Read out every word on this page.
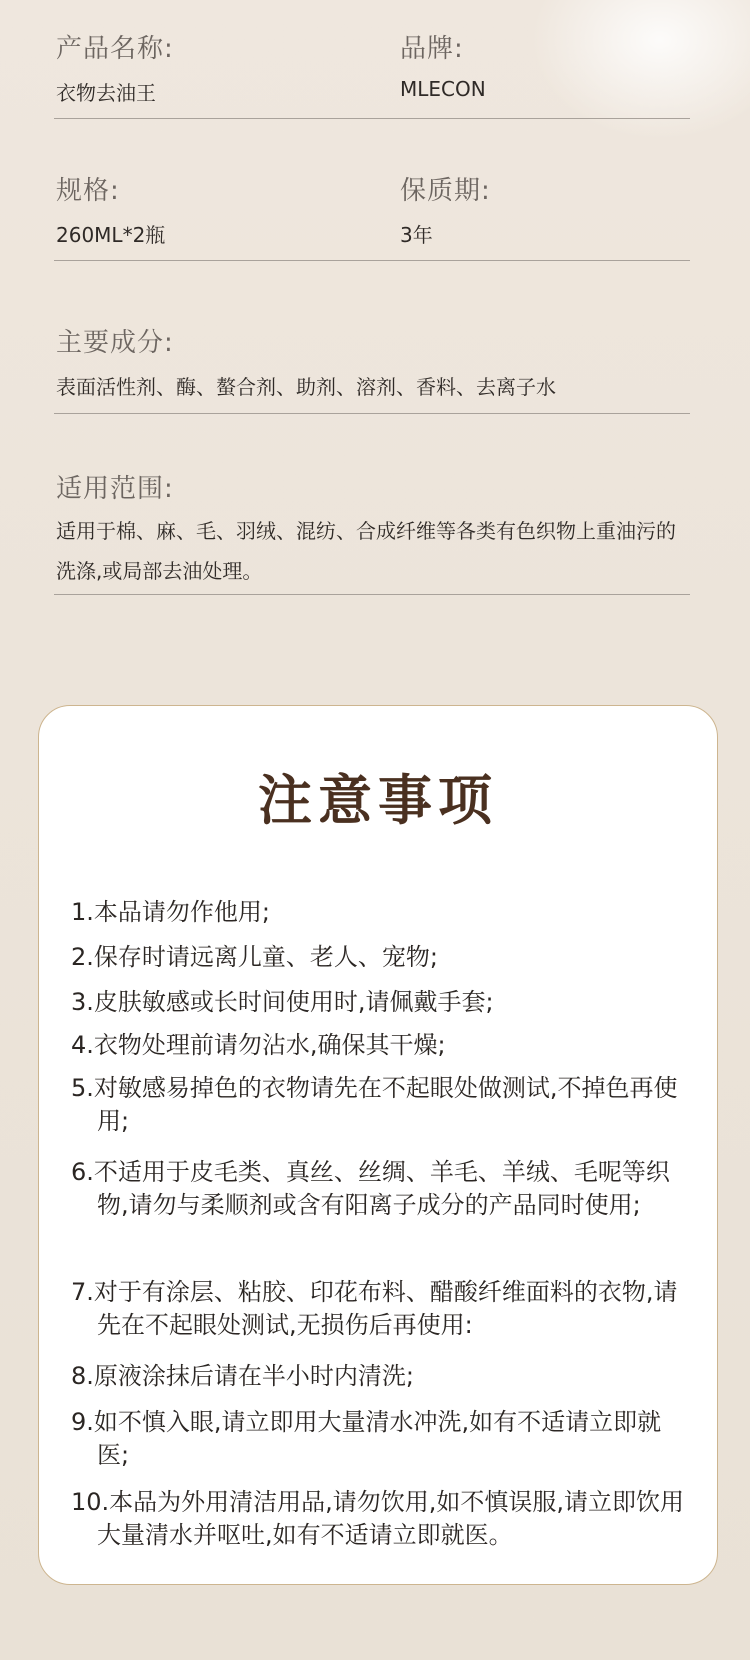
产品名称:
衣物去油王
品牌:
MLECON
规格:
260ML*2瓶
保质期:
3年
主要成分:
表面活性剂、酶、螯合剂、助剂、溶剂、香料、去离子水
适用范围:
适用于棉、麻、毛、羽绒、混纺、合成纤维等各类有色织物上重油污的洗涤,或局部去油处理。
注意事项
1.本品请勿作他用;
2.保存时请远离儿童、老人、宠物;
3.皮肤敏感或长时间使用时,请佩戴手套;
4.衣物处理前请勿沾水,确保其干燥;
5.对敏感易掉色的衣物请先在不起眼处做测试,不掉色再使用;
6.不适用于皮毛类、真丝、丝绸、羊毛、羊绒、毛呢等织物,请勿与柔顺剂或含有阳离子成分的产品同时使用;
7.对于有涂层、粘胶、印花布料、醋酸纤维面料的衣物,请先在不起眼处测试,无损伤后再使用:
8.原液涂抹后请在半小时内清洗;
9.如不慎入眼,请立即用大量清水冲洗,如有不适请立即就医;
10.本品为外用清洁用品,请勿饮用,如不慎误服,请立即饮用大量清水并呕吐,如有不适请立即就医。
